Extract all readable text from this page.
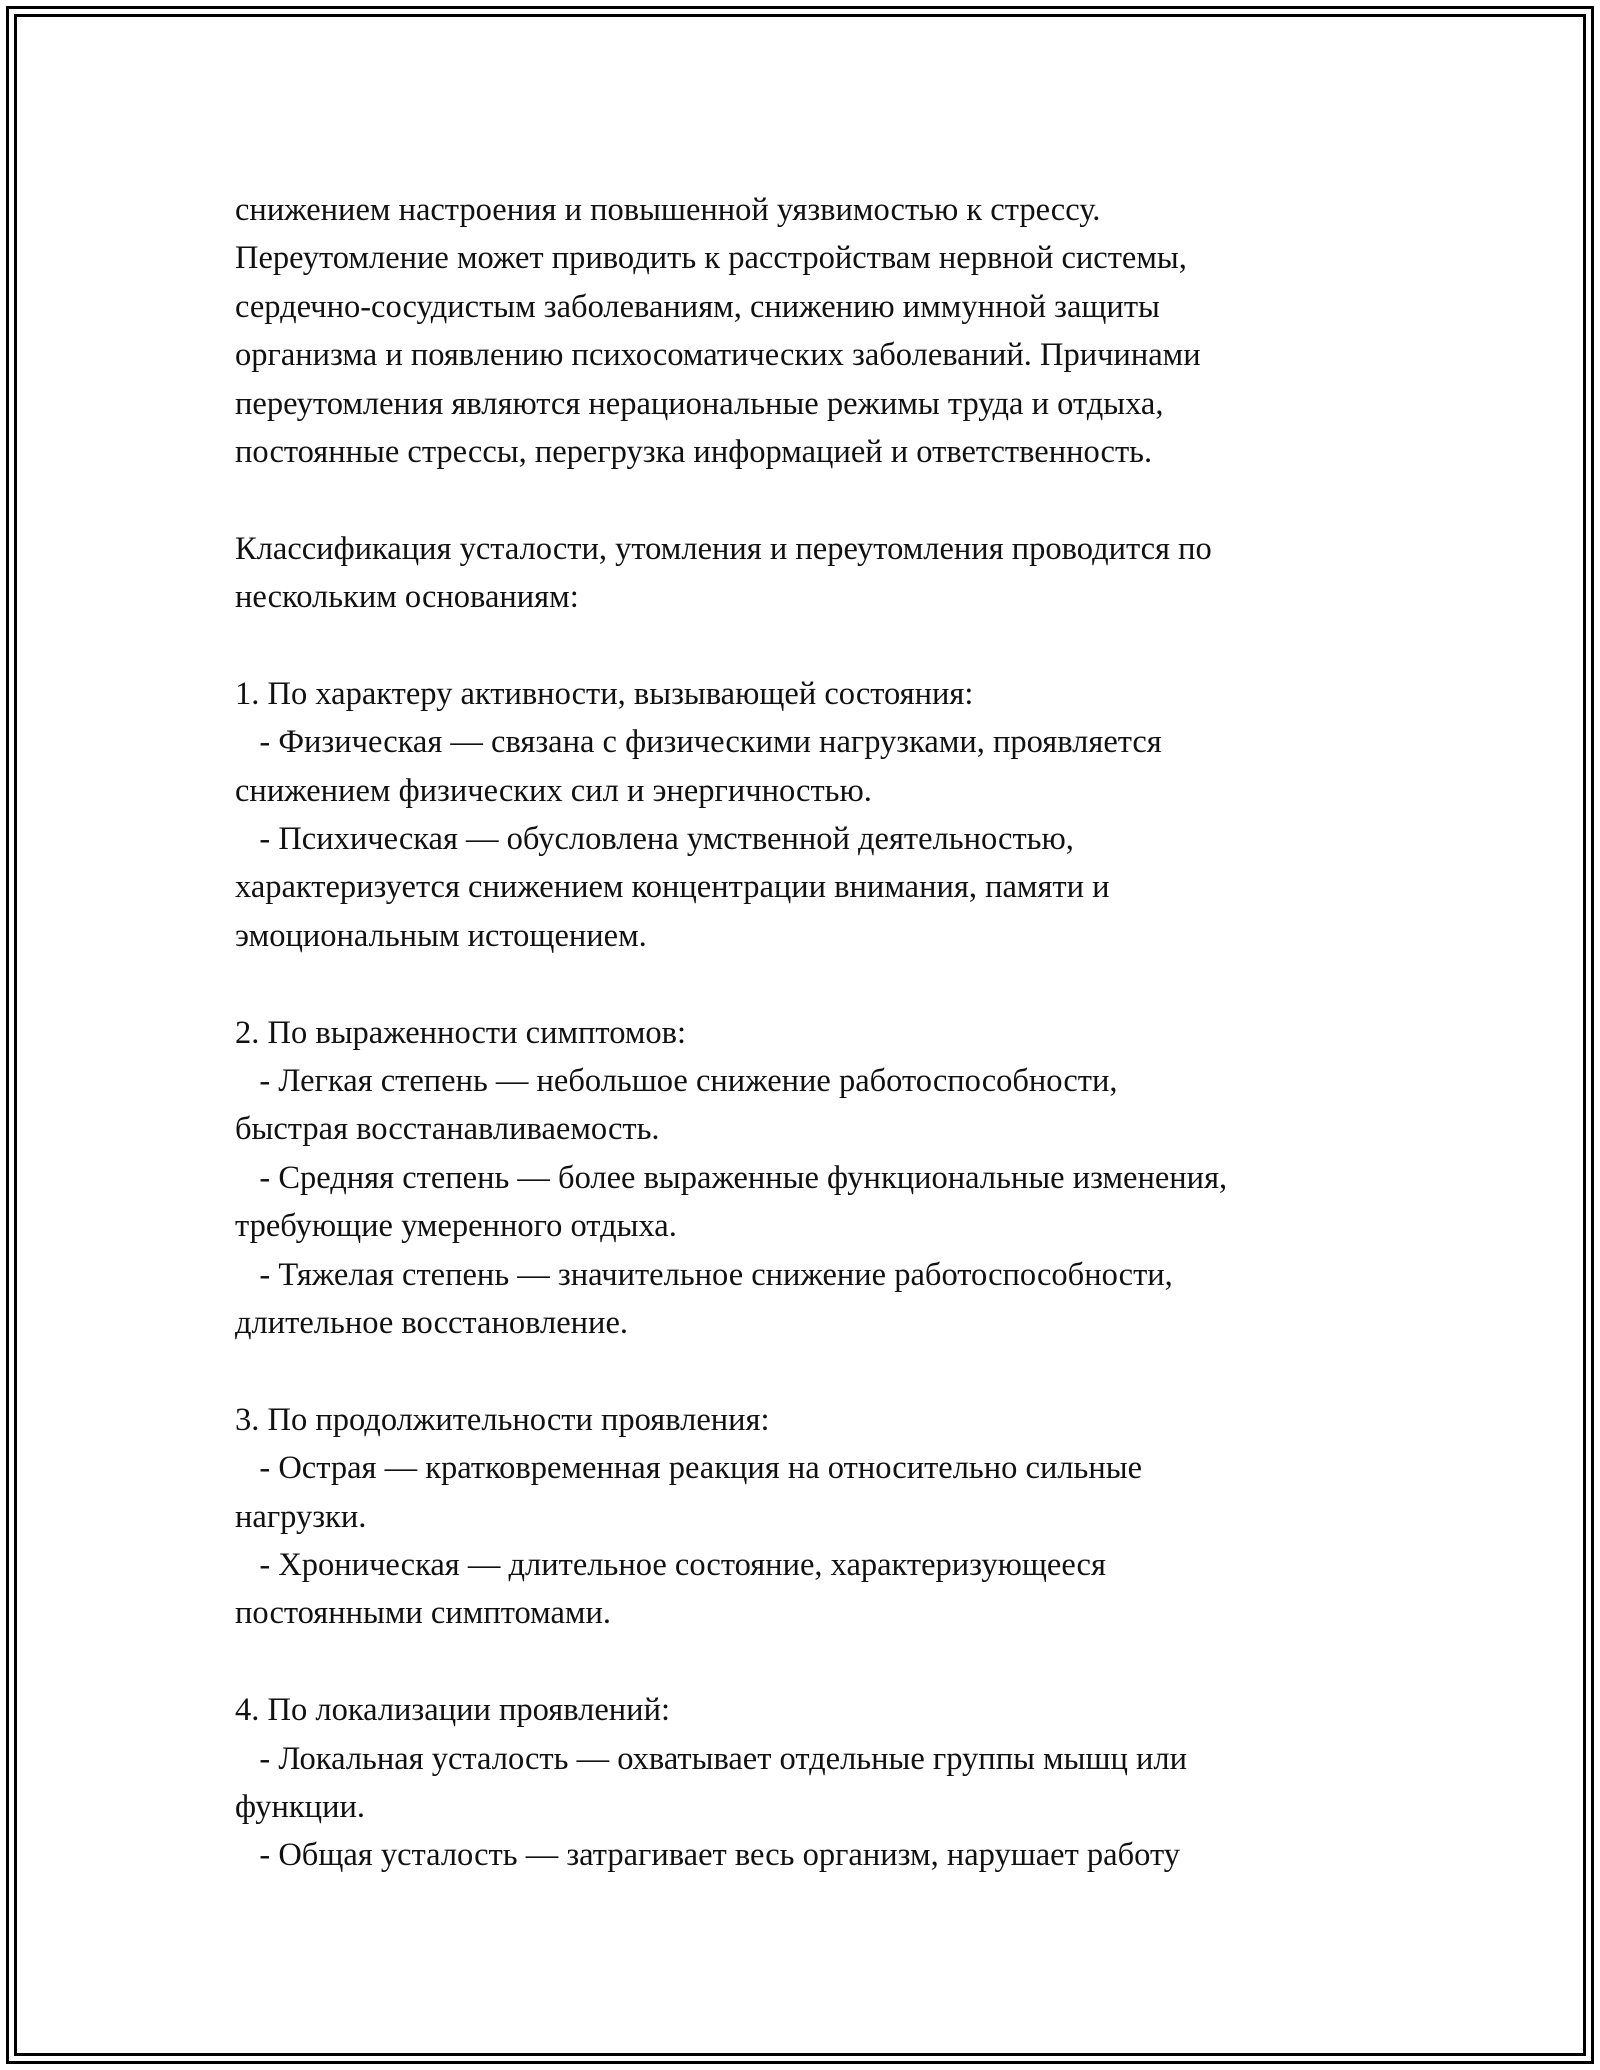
снижением настроения и повышенной уязвимостью к стрессу.
Переутомление может приводить к расстройствам нервной системы,
сердечно-сосудистым заболеваниям, снижению иммунной защиты
организма и появлению психосоматических заболеваний. Причинами
переутомления являются нерациональные режимы труда и отдыха,
постоянные стрессы, перегрузка информацией и ответственность.
Классификация усталости, утомления и переутомления проводится по
нескольким основаниям:
1. По характеру активности, вызывающей состояния:
- Физическая — связана с физическими нагрузками, проявляется
снижением физических сил и энергичностью.
- Психическая — обусловлена умственной деятельностью,
характеризуется снижением концентрации внимания, памяти и
эмоциональным истощением.
2. По выраженности симптомов:
- Легкая степень — небольшое снижение работоспособности,
быстрая восстанавливаемость.
- Средняя степень — более выраженные функциональные изменения,
требующие умеренного отдыха.
- Тяжелая степень — значительное снижение работоспособности,
длительное восстановление.
3. По продолжительности проявления:
- Острая — кратковременная реакция на относительно сильные
нагрузки.
- Хроническая — длительное состояние, характеризующееся
постоянными симптомами.
4. По локализации проявлений:
- Локальная усталость — охватывает отдельные группы мышц или
функции.
- Общая усталость — затрагивает весь организм, нарушает работу
